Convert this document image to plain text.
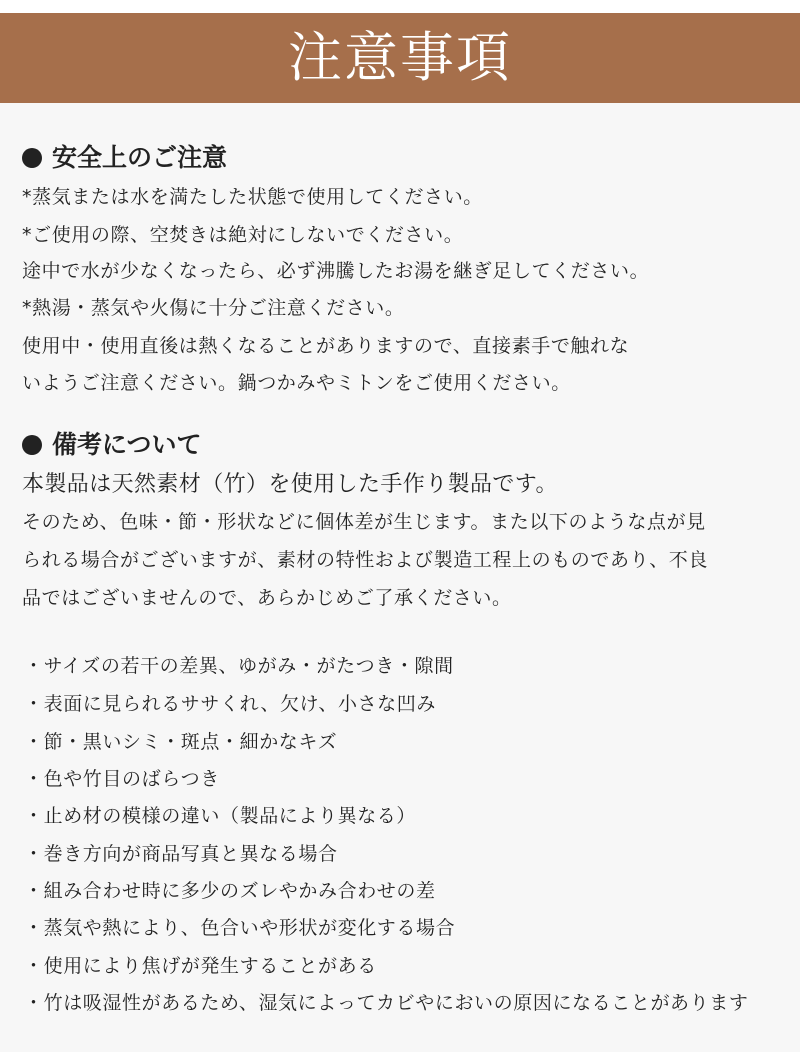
注意事項
安全上のご注意
*蒸気または水を満たした状態で使用してください。
*ご使用の際、空焚きは絶対にしないでください。
途中で水が少なくなったら、必ず沸騰したお湯を継ぎ足してください。
*熱湯・蒸気や火傷に十分ご注意ください。
使用中・使用直後は熱くなることがありますので、直接素手で触れな
いようご注意ください。鍋つかみやミトンをご使用ください。
備考について
本製品は天然素材（竹）を使用した手作り製品です。
そのため、色味・節・形状などに個体差が生じます。また以下のような点が見
られる場合がございますが、素材の特性および製造工程上のものであり、不良
品ではございませんので、あらかじめご了承ください。
・サイズの若干の差異、ゆがみ・がたつき・隙間
・表面に見られるササくれ、欠け、小さな凹み
・節・黒いシミ・斑点・細かなキズ
・色や竹目のばらつき
・止め材の模様の違い（製品により異なる）
・巻き方向が商品写真と異なる場合
・組み合わせ時に多少のズレやかみ合わせの差
・蒸気や熱により、色合いや形状が変化する場合
・使用により焦げが発生することがある
・竹は吸湿性があるため、湿気によってカビやにおいの原因になることがあります
